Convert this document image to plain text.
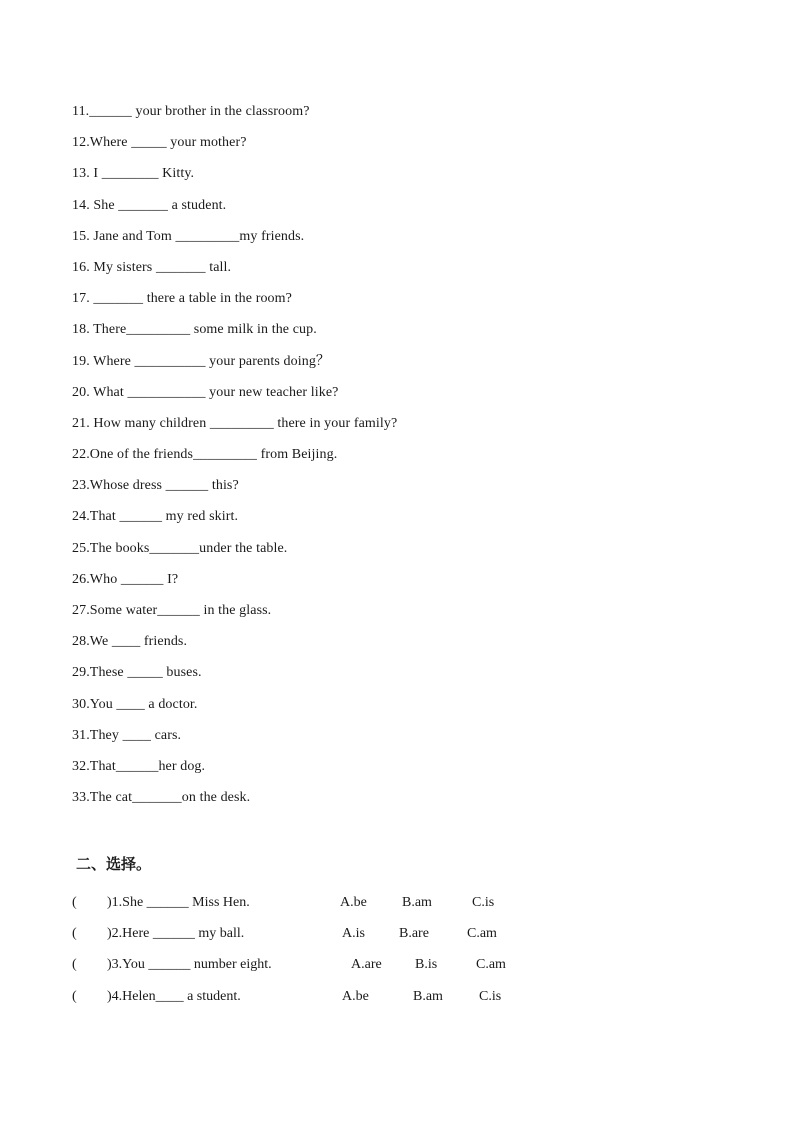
11.______ your brother in the classroom?
12.Where _____ your mother?
13. I ________ Kitty.
14. She _______ a student.
15. Jane and Tom _________my friends.
16. My sisters _______ tall.
17. _______ there a table in the room?
18. There_________ some milk in the cup.
19. Where __________ your parents doing？
20. What ___________ your new teacher like?
21. How many children _________ there in your family?
22.One of the friends_________ from Beijing.
23.Whose dress ______ this?
24.That ______ my red skirt.
25.The books_______under the table.
26.Who ______ I?
27.Some water______ in the glass.
28.We ____ friends.
29.These _____ buses.
30.You ____ a doctor.
31.They ____ cars.
32.That______her dog.
33.The cat_______on the desk.
二、选择。
( )1.She ______ Miss Hen.	A.be	B.am	C.is
( )2.Here ______ my ball.	A.is B.are	C.am
( )3.You ______ number eight.	A.are B.is	C.am
( )4.Helen____ a student.	A.be	B.am	C.is
